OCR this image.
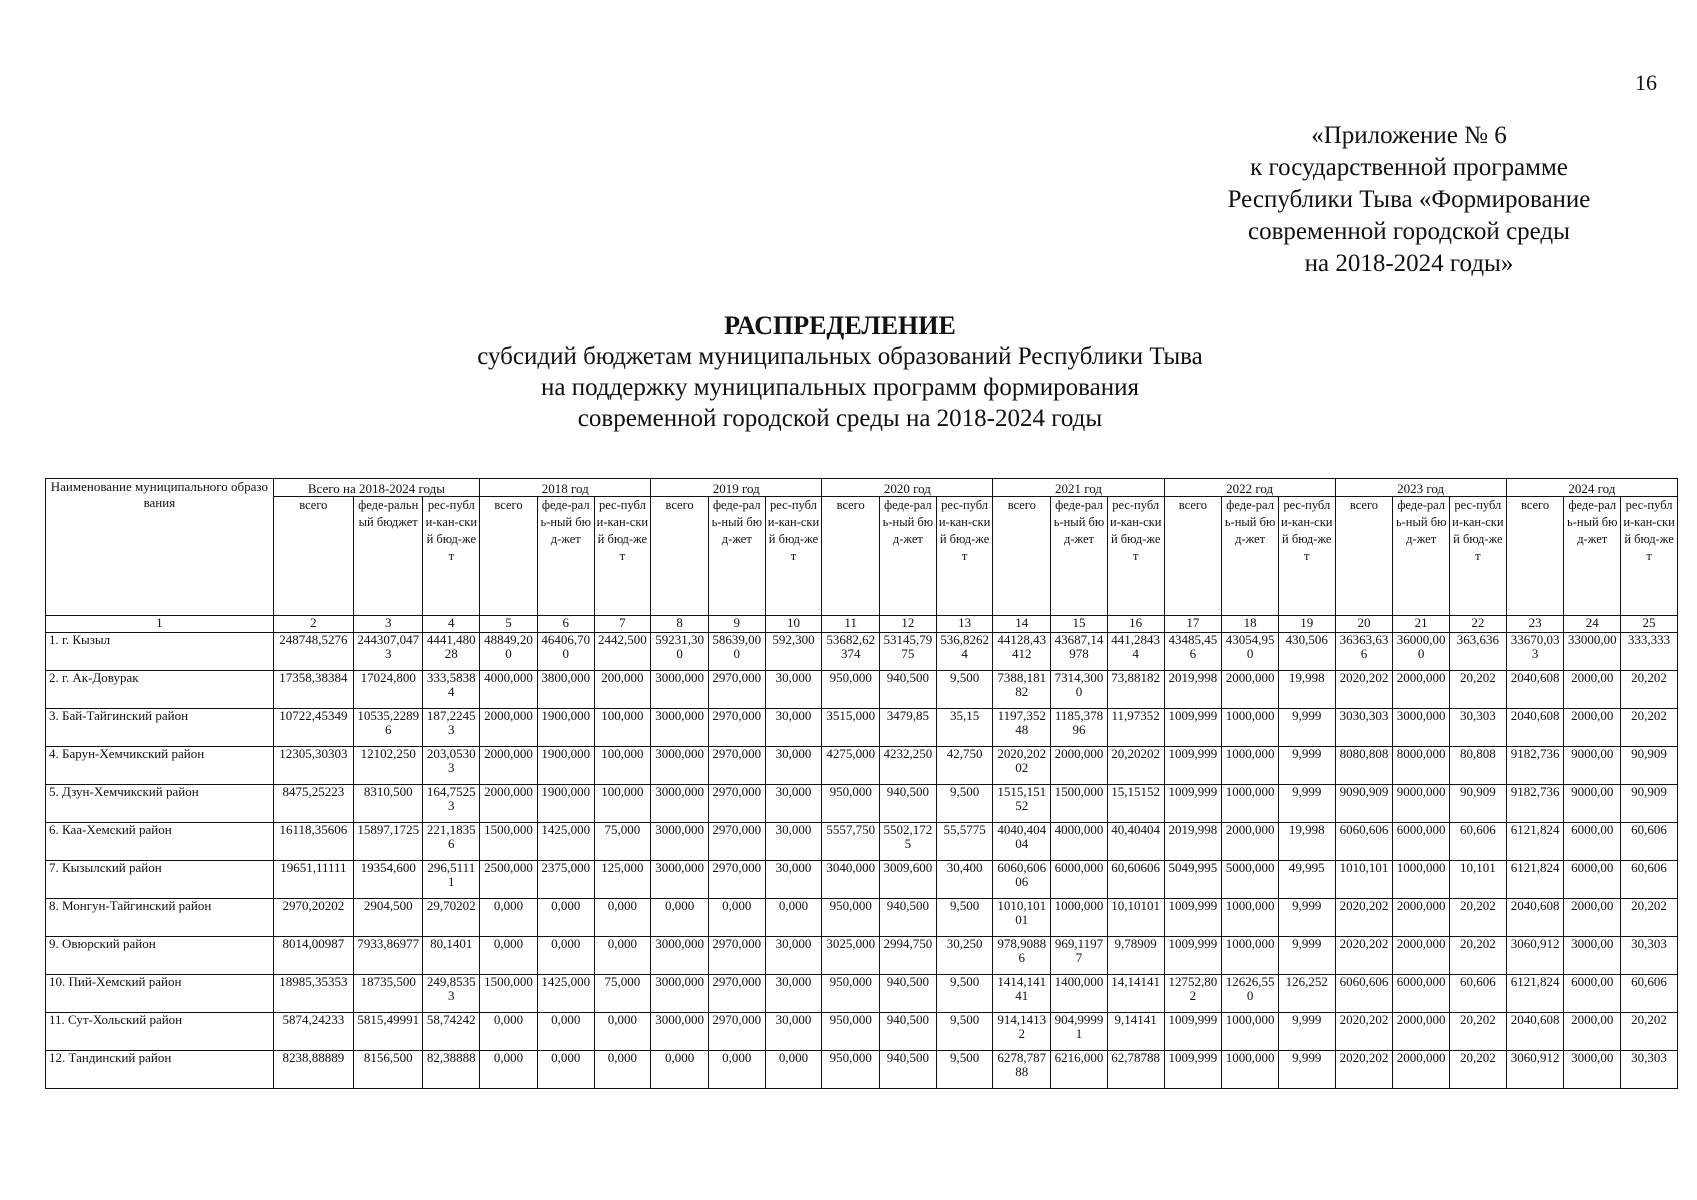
16
«Приложение № 6
к государственной программе
Республики Тыва «Формирование
современной городской среды
на 2018-2024 годы»
РАСПРЕДЕЛЕНИЕ
субсидий бюджетам муниципальных образований Республики Тыва
на поддержку муниципальных программ формирования
современной городской среды на 2018-2024 годы
Наименование муниципального образования	Всего на 2018-2024 годы			2018 год			2019 год			2020 год			2021 год			2022 год			2023 год			2024 год		
	всего	феде-ральный бюджет	рес-публи-кан-ский бюд-жет	всего	феде-раль-ный бюд-жет	рес-публи-кан-ский бюд-жет	всего	феде-раль-ный бюд-жет	рес-публи-кан-ский бюд-жет	всего	феде-раль-ный бюд-жет	рес-публи-кан-ский бюд-жет	всего	феде-раль-ный бюд-жет	рес-публи-кан-ский бюд-жет	всего	феде-раль-ный бюд-жет	рес-публи-кан-ский бюд-жет	всего	феде-раль-ный бюд-жет	рес-публи-кан-ский бюд-жет	всего	феде-раль-ный бюд-жет	рес-публи-кан-ский бюд-жет
1	2	3	4	5	6	7	8	9	10	11	12	13	14	15	16	17	18	19	20	21	22	23	24	25
1. г. Кызыл	248748,5276	244307,0473	4441,48028	48849,200	46406,700	2442,500	59231,300	58639,000	592,300	53682,62374	53145,7975	536,82624	44128,43412	43687,14978	441,28434	43485,456	43054,950	430,506	36363,636	36000,000	363,636	33670,033	33000,00	333,333
2. г. Ак-Довурак	17358,38384	17024,800	333,58384	4000,000	3800,000	200,000	3000,000	2970,000	30,000	950,000	940,500	9,500	7388,18182	7314,3000	73,88182	2019,998	2000,000	19,998	2020,202	2000,000	20,202	2040,608	2000,00	20,202
3. Бай-Тайгинский район	10722,45349	10535,22896	187,22453	2000,000	1900,000	100,000	3000,000	2970,000	30,000	3515,000	3479,85	35,15	1197,35248	1185,37896	11,97352	1009,999	1000,000	9,999	3030,303	3000,000	30,303	2040,608	2000,00	20,202
4. Барун-Хемчикский район	12305,30303	12102,250	203,05303	2000,000	1900,000	100,000	3000,000	2970,000	30,000	4275,000	4232,250	42,750	2020,20202	2000,000	20,20202	1009,999	1000,000	9,999	8080,808	8000,000	80,808	9182,736	9000,00	90,909
5. Дзун-Хемчикский район	8475,25223	8310,500	164,75253	2000,000	1900,000	100,000	3000,000	2970,000	30,000	950,000	940,500	9,500	1515,15152	1500,000	15,15152	1009,999	1000,000	9,999	9090,909	9000,000	90,909	9182,736	9000,00	90,909
6. Каа-Хемский район	16118,35606	15897,1725	221,18356	1500,000	1425,000	75,000	3000,000	2970,000	30,000	5557,750	5502,1725	55,5775	4040,40404	4000,000	40,40404	2019,998	2000,000	19,998	6060,606	6000,000	60,606	6121,824	6000,00	60,606
7. Кызылский район	19651,11111	19354,600	296,51111	2500,000	2375,000	125,000	3000,000	2970,000	30,000	3040,000	3009,600	30,400	6060,60606	6000,000	60,60606	5049,995	5000,000	49,995	1010,101	1000,000	10,101	6121,824	6000,00	60,606
8. Монгун-Тайгинский район	2970,20202	2904,500	29,70202	0,000	0,000	0,000	0,000	0,000	0,000	950,000	940,500	9,500	1010,10101	1000,000	10,10101	1009,999	1000,000	9,999	2020,202	2000,000	20,202	2040,608	2000,00	20,202
9. Овюрский район	8014,00987	7933,86977	80,1401	0,000	0,000	0,000	3000,000	2970,000	30,000	3025,000	2994,750	30,250	978,90886	969,11977	9,78909	1009,999	1000,000	9,999	2020,202	2000,000	20,202	3060,912	3000,00	30,303
10. Пий-Хемский район	18985,35353	18735,500	249,85353	1500,000	1425,000	75,000	3000,000	2970,000	30,000	950,000	940,500	9,500	1414,14141	1400,000	14,14141	12752,802	12626,550	126,252	6060,606	6000,000	60,606	6121,824	6000,00	60,606
11. Сут-Хольский район	5874,24233	5815,49991	58,74242	0,000	0,000	0,000	3000,000	2970,000	30,000	950,000	940,500	9,500	914,14132	904,99991	9,14141	1009,999	1000,000	9,999	2020,202	2000,000	20,202	2040,608	2000,00	20,202
12. Тандинский район	8238,88889	8156,500	82,38888	0,000	0,000	0,000	0,000	0,000	0,000	950,000	940,500	9,500	6278,78788	6216,000	62,78788	1009,999	1000,000	9,999	2020,202	2000,000	20,202	3060,912	3000,00	30,303
